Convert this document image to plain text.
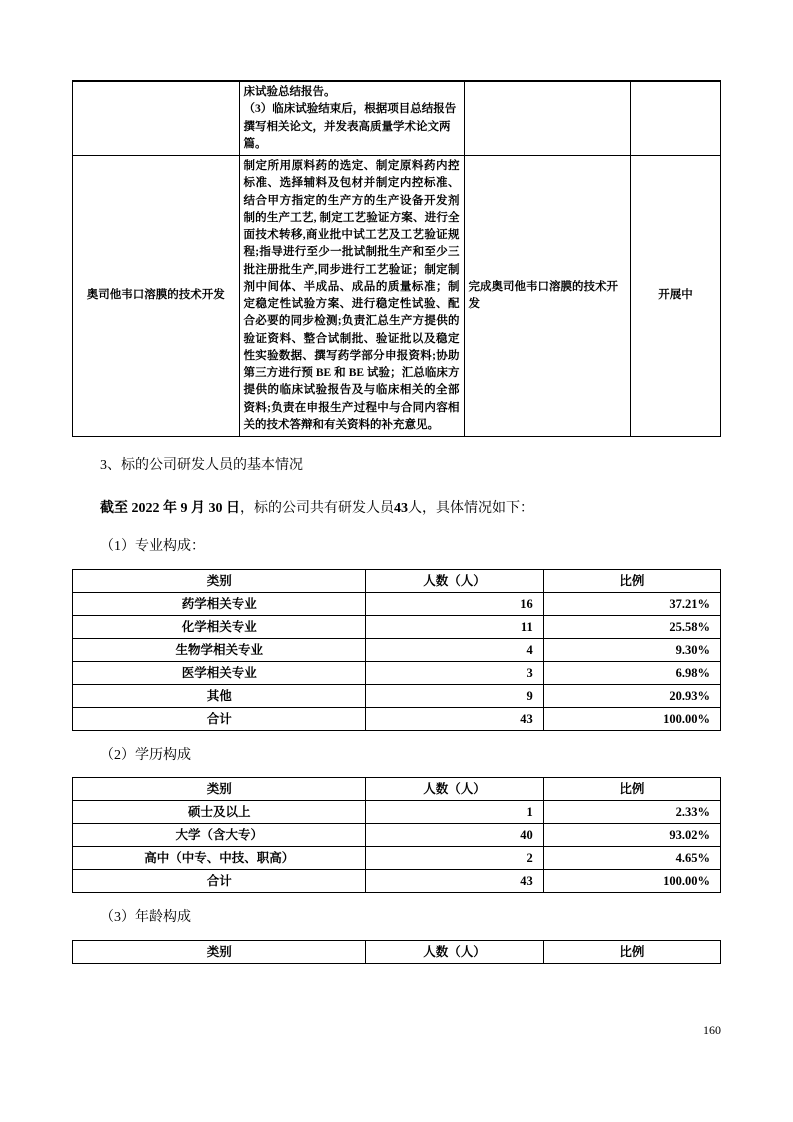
	床试验总结报告。
（3）临床试验结束后，根据项目总结报告撰写相关论文，并发表高质量学术论文两篇。		

奥司他韦口溶膜的技术开发	制定所用原料药的选定、制定原料药内控标准、选择辅料及包材并制定内控标准、结合甲方指定的生产方的生产设备开发剂制的生产工艺, 制定工艺验证方案、进行全面技术转移,商业批中试工艺及工艺验证规程;指导进行至少一批试制批生产和至少三批注册批生产,同步进行工艺验证；制定制剂中间体、半成品、成品的质量标准；制定稳定性试验方案、进行稳定性试验、配合必要的同步检测;负责汇总生产方提供的验证资料、整合试制批、验证批以及稳定性实验数据、撰写药学部分申报资料;协助第三方进行预 BE 和 BE 试验；汇总临床方提供的临床试验报告及与临床相关的全部资料;负责在申报生产过程中与合同内容相关的技术答辩和有关资料的补充意见。	完成奥司他韦口溶膜的技术开发	开展中

3、标的公司研发人员的基本情况

截至 2022 年 9 月 30 日，标的公司共有研发人员43人，具体情况如下：

（1）专业构成：

类别	人数（人）	比例
药学相关专业	16	37.21%
化学相关专业	11	25.58%
生物学相关专业	4	9.30%
医学相关专业	3	6.98%
其他	9	20.93%
合计	43	100.00%

（2）学历构成

类别	人数（人）	比例
硕士及以上	1	2.33%
大学（含大专）	40	93.02%
高中（中专、中技、职高）	2	4.65%
合计	43	100.00%

（3）年龄构成

类别	人数（人）	比例
160
